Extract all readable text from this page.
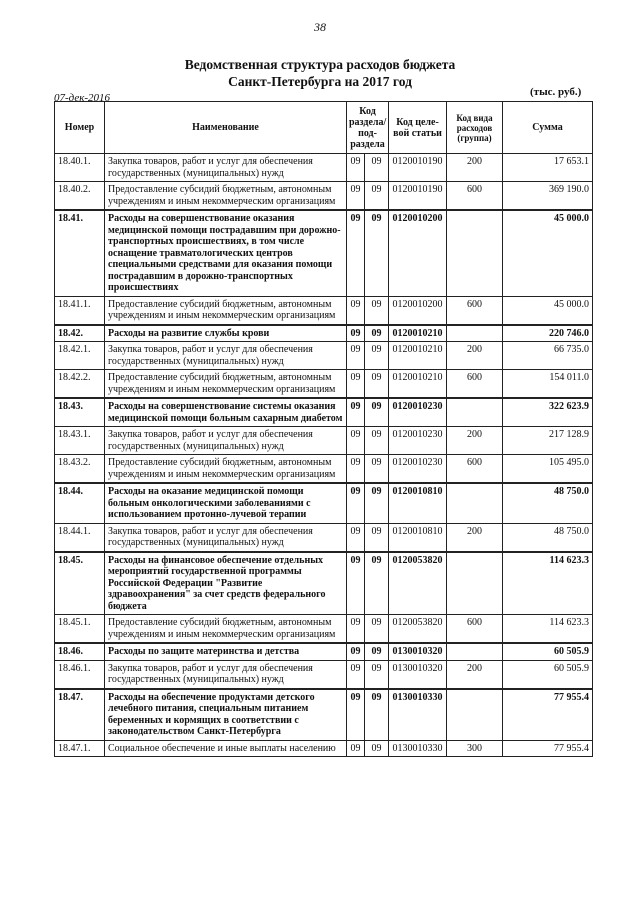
38
Ведомственная структура расходов бюджета
Санкт-Петербурга на 2017 год
07-дек-2016	(тыс. руб.)
Номер	Наименование	Код раздела/ под-раздела		Код целе-вой статьи	Код вида расходов (группа)	Сумма
18.40.1.	Закупка товаров, работ и услуг для обеспечения государственных (муниципальных) нужд	09	09	0120010190	200	17 653.1
18.40.2.	Предоставление субсидий бюджетным, автономным учреждениям и иным некоммерческим организациям	09	09	0120010190	600	369 190.0
18.41.	Расходы на совершенствование оказания медицинской помощи пострадавшим при дорожно-транспортных происшествиях, в том числе оснащение травматологических центров специальными средствами для оказания помощи пострадавшим в дорожно-транспортных происшествиях	09	09	0120010200		45 000.0
18.41.1.	Предоставление субсидий бюджетным, автономным учреждениям и иным некоммерческим организациям	09	09	0120010200	600	45 000.0
18.42.	Расходы на развитие службы крови	09	09	0120010210		220 746.0
18.42.1.	Закупка товаров, работ и услуг для обеспечения государственных (муниципальных) нужд	09	09	0120010210	200	66 735.0
18.42.2.	Предоставление субсидий бюджетным, автономным учреждениям и иным некоммерческим организациям	09	09	0120010210	600	154 011.0
18.43.	Расходы на совершенствование системы оказания медицинской помощи больным сахарным диабетом	09	09	0120010230		322 623.9
18.43.1.	Закупка товаров, работ и услуг для обеспечения государственных (муниципальных) нужд	09	09	0120010230	200	217 128.9
18.43.2.	Предоставление субсидий бюджетным, автономным учреждениям и иным некоммерческим организациям	09	09	0120010230	600	105 495.0
18.44.	Расходы на оказание медицинской помощи больным онкологическими заболеваниями с использованием протонно-лучевой терапии	09	09	0120010810		48 750.0
18.44.1.	Закупка товаров, работ и услуг для обеспечения государственных (муниципальных) нужд	09	09	0120010810	200	48 750.0
18.45.	Расходы на финансовое обеспечение отдельных мероприятий государственной программы Российской Федерации "Развитие здравоохранения" за счет средств федерального бюджета	09	09	0120053820		114 623.3
18.45.1.	Предоставление субсидий бюджетным, автономным учреждениям и иным некоммерческим организациям	09	09	0120053820	600	114 623.3
18.46.	Расходы по защите материнства и детства	09	09	0130010320		60 505.9
18.46.1.	Закупка товаров, работ и услуг для обеспечения государственных (муниципальных) нужд	09	09	0130010320	200	60 505.9
18.47.	Расходы на обеспечение продуктами детского лечебного питания, специальным питанием беременных и кормящих в соответствии с законодательством Санкт-Петербурга	09	09	0130010330		77 955.4
18.47.1.	Социальное обеспечение и иные выплаты населению	09	09	0130010330	300	77 955.4
